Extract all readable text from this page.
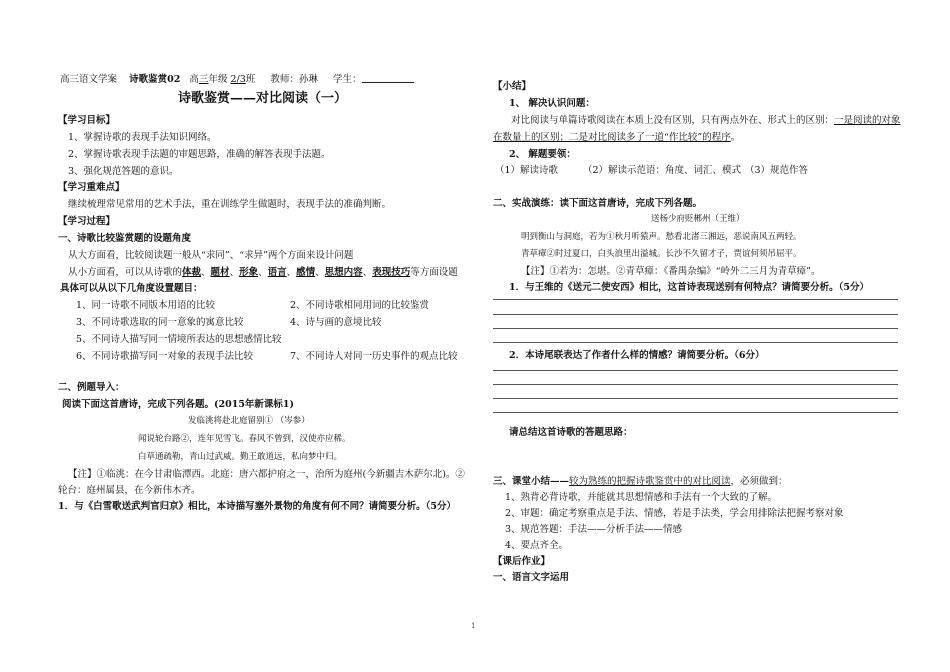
高三语文学案 诗歌鉴赏02 高三年级 2/3班 教师：孙琳 学生：
诗歌鉴赏——对比阅读（一）
【学习目标】
1、掌握诗歌的表现手法知识网络。
2、掌握诗歌表现手法题的审题思路，准确的解答表现手法题。
3、强化规范答题的意识。
【学习重难点】
继续梳理常见常用的艺术手法，重在训练学生做题时，表现手法的准确判断。
【学习过程】
一、诗歌比较鉴赏题的设题角度
从大方面看，比较阅读题一般从“求同”、“求异”两个方面来设计问题
从小方面看，可以从诗歌的体裁、题材、形象、语言、感情、思想内容、表现技巧等方面设题
具体可以从以下几角度设置题目：
1、同一诗歌不同版本用语的比较	2、不同诗歌相同用词的比较鉴赏
3、不同诗歌选取的同一意象的寓意比较	4、诗与画的意境比较
5、不同诗人描写同一情境所表达的思想感情比较
6、不同诗歌描写同一对象的表现手法比较	7、不同诗人对同一历史事件的观点比较
二、例题导入：
阅读下面这首唐诗，完成下列各题。(2015年新课标1)
发临洮将赴北庭留别① （岑参）
闻说轮台路②，连年见雪飞。春风不曾到，汉使亦应稀。
白草通疏勒，青山过武威。勤王敢道远，私向梦中归。
【注】①临洮：在今甘肃临潭西。北庭：唐六都护府之一，治所为庭州(今新疆吉木萨尔北)。②
轮台：庭州属县，在今新伟木齐。
1．与《白雪歌送武判官归京》相比，本诗描写塞外景物的角度有何不同？请简要分析。（5分）
【小结】
1、 解决认识问题：
对比阅读与单篇诗歌阅读在本质上没有区别，只有两点外在、形式上的区别：一是阅读的对象
在数量上的区别；二是对比阅读多了一道“作比较”的程序。
2、 解题要领：
（1）解读诗歌	（2）解读示范语：角度、词汇、模式 （3）规范作答
二、实战演练：读下面这首唐诗，完成下列各题。
送杨少府贬郴州（王维）
明到衡山与洞庭，若为①秋月听猿声。愁看北渚三湘远，恶说南风五两轻。
青草瘴②时过夏口，白头浪里出溢城。长沙不久留才子，贾谊何须吊屈平。
【注】①若为：怎堪。②青草瘴：《番禺杂编》“岭外二三月为青草瘴”。
1．与王维的《送元二使安西》相比，这首诗表现送别有何特点？请简要分析。（5分）
2．本诗尾联表达了作者什么样的情感？请简要分析。（6分）
请总结这首诗歌的答题思路：
三、课堂小结——较为熟练的把握诗歌鉴赏中的对比阅读，必须做到：
1、熟背必背诗歌，并能就其思想情感和手法有一个大致的了解。
2、审题：确定考察重点是手法、情感，若是手法类，学会用排除法把握考察对象
3、规范答题：手法——分析手法——情感
4、要点齐全。
【课后作业】
一、语言文字运用
1
